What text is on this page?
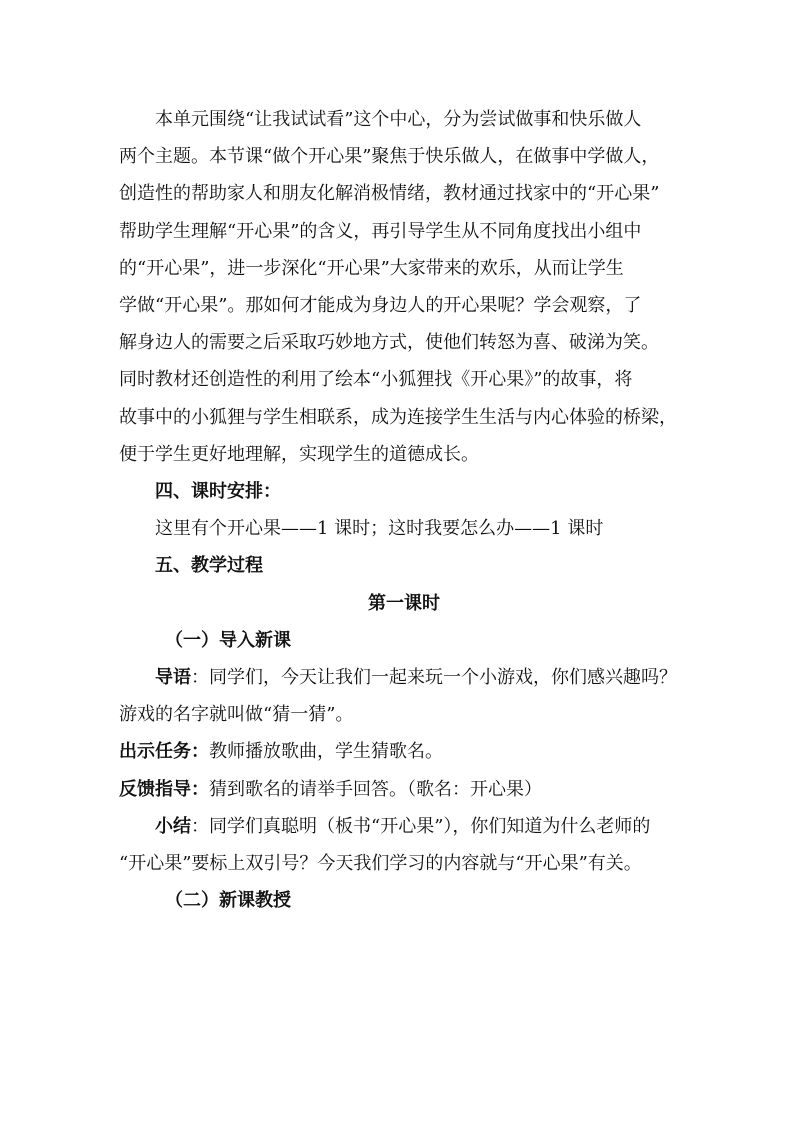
本单元围绕“让我试试看”这个中心，分为尝试做事和快乐做人
两个主题。本节课“做个开心果”聚焦于快乐做人，在做事中学做人，
创造性的帮助家人和朋友化解消极情绪，教材通过找家中的“开心果”
帮助学生理解“开心果”的含义，再引导学生从不同角度找出小组中
的“开心果”，进一步深化“开心果”大家带来的欢乐，从而让学生
学做“开心果”。那如何才能成为身边人的开心果呢？学会观察，了
解身边人的需要之后采取巧妙地方式，使他们转怒为喜、破涕为笑。
同时教材还创造性的利用了绘本“小狐狸找《开心果》”的故事，将
故事中的小狐狸与学生相联系，成为连接学生生活与内心体验的桥梁，
便于学生更好地理解，实现学生的道德成长。

四、课时安排：

这里有个开心果——1 课时；这时我要怎么办——1 课时

五、教学过程

第一课时

（一）导入新课

导语：同学们，今天让我们一起来玩一个小游戏，你们感兴趣吗？
游戏的名字就叫做“猜一猜”。
出示任务：教师播放歌曲，学生猜歌名。
反馈指导：猜到歌名的请举手回答。（歌名：开心果）
小结：同学们真聪明（板书“开心果”），你们知道为什么老师的
“开心果”要标上双引号？今天我们学习的内容就与“开心果”有关。

（二）新课教授
